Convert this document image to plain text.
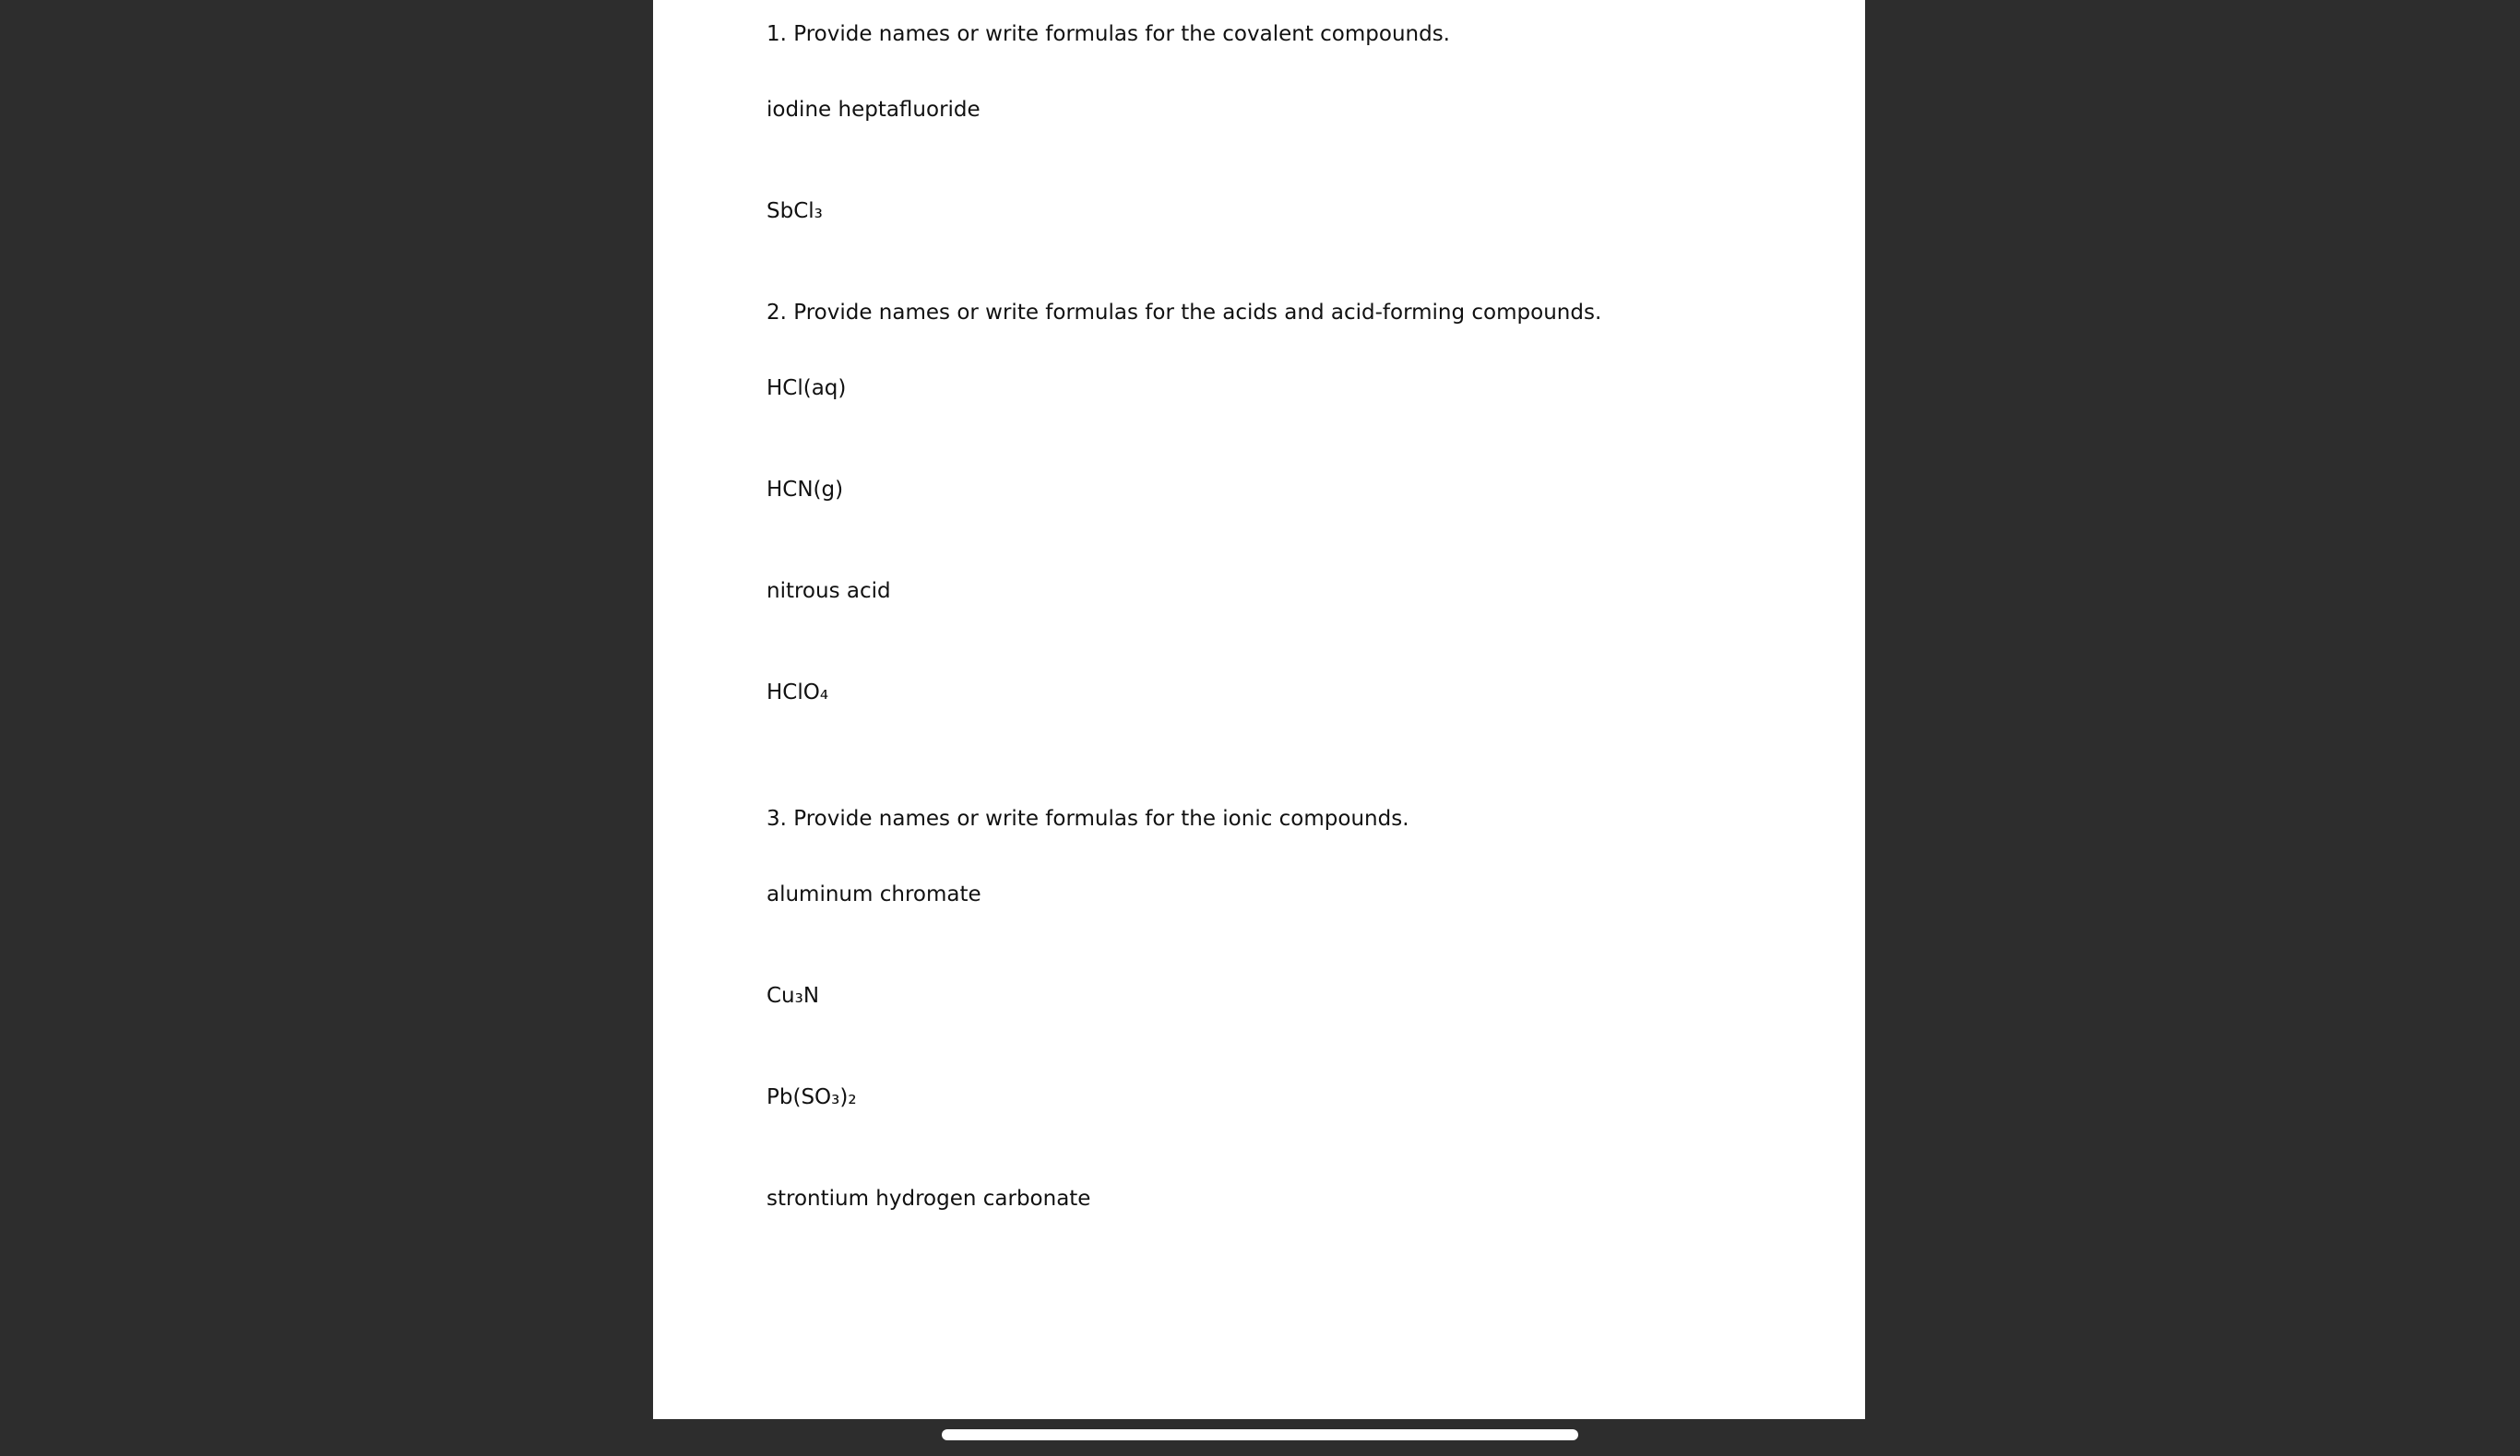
1. Provide names or write formulas for the covalent compounds.
iodine heptafluoride
SbCl₃
2. Provide names or write formulas for the acids and acid-forming compounds.
HCl(aq)
HCN(g)
nitrous acid
HClO₄
3. Provide names or write formulas for the ionic compounds.
aluminum chromate
Cu₃N
Pb(SO₃)₂
strontium hydrogen carbonate
